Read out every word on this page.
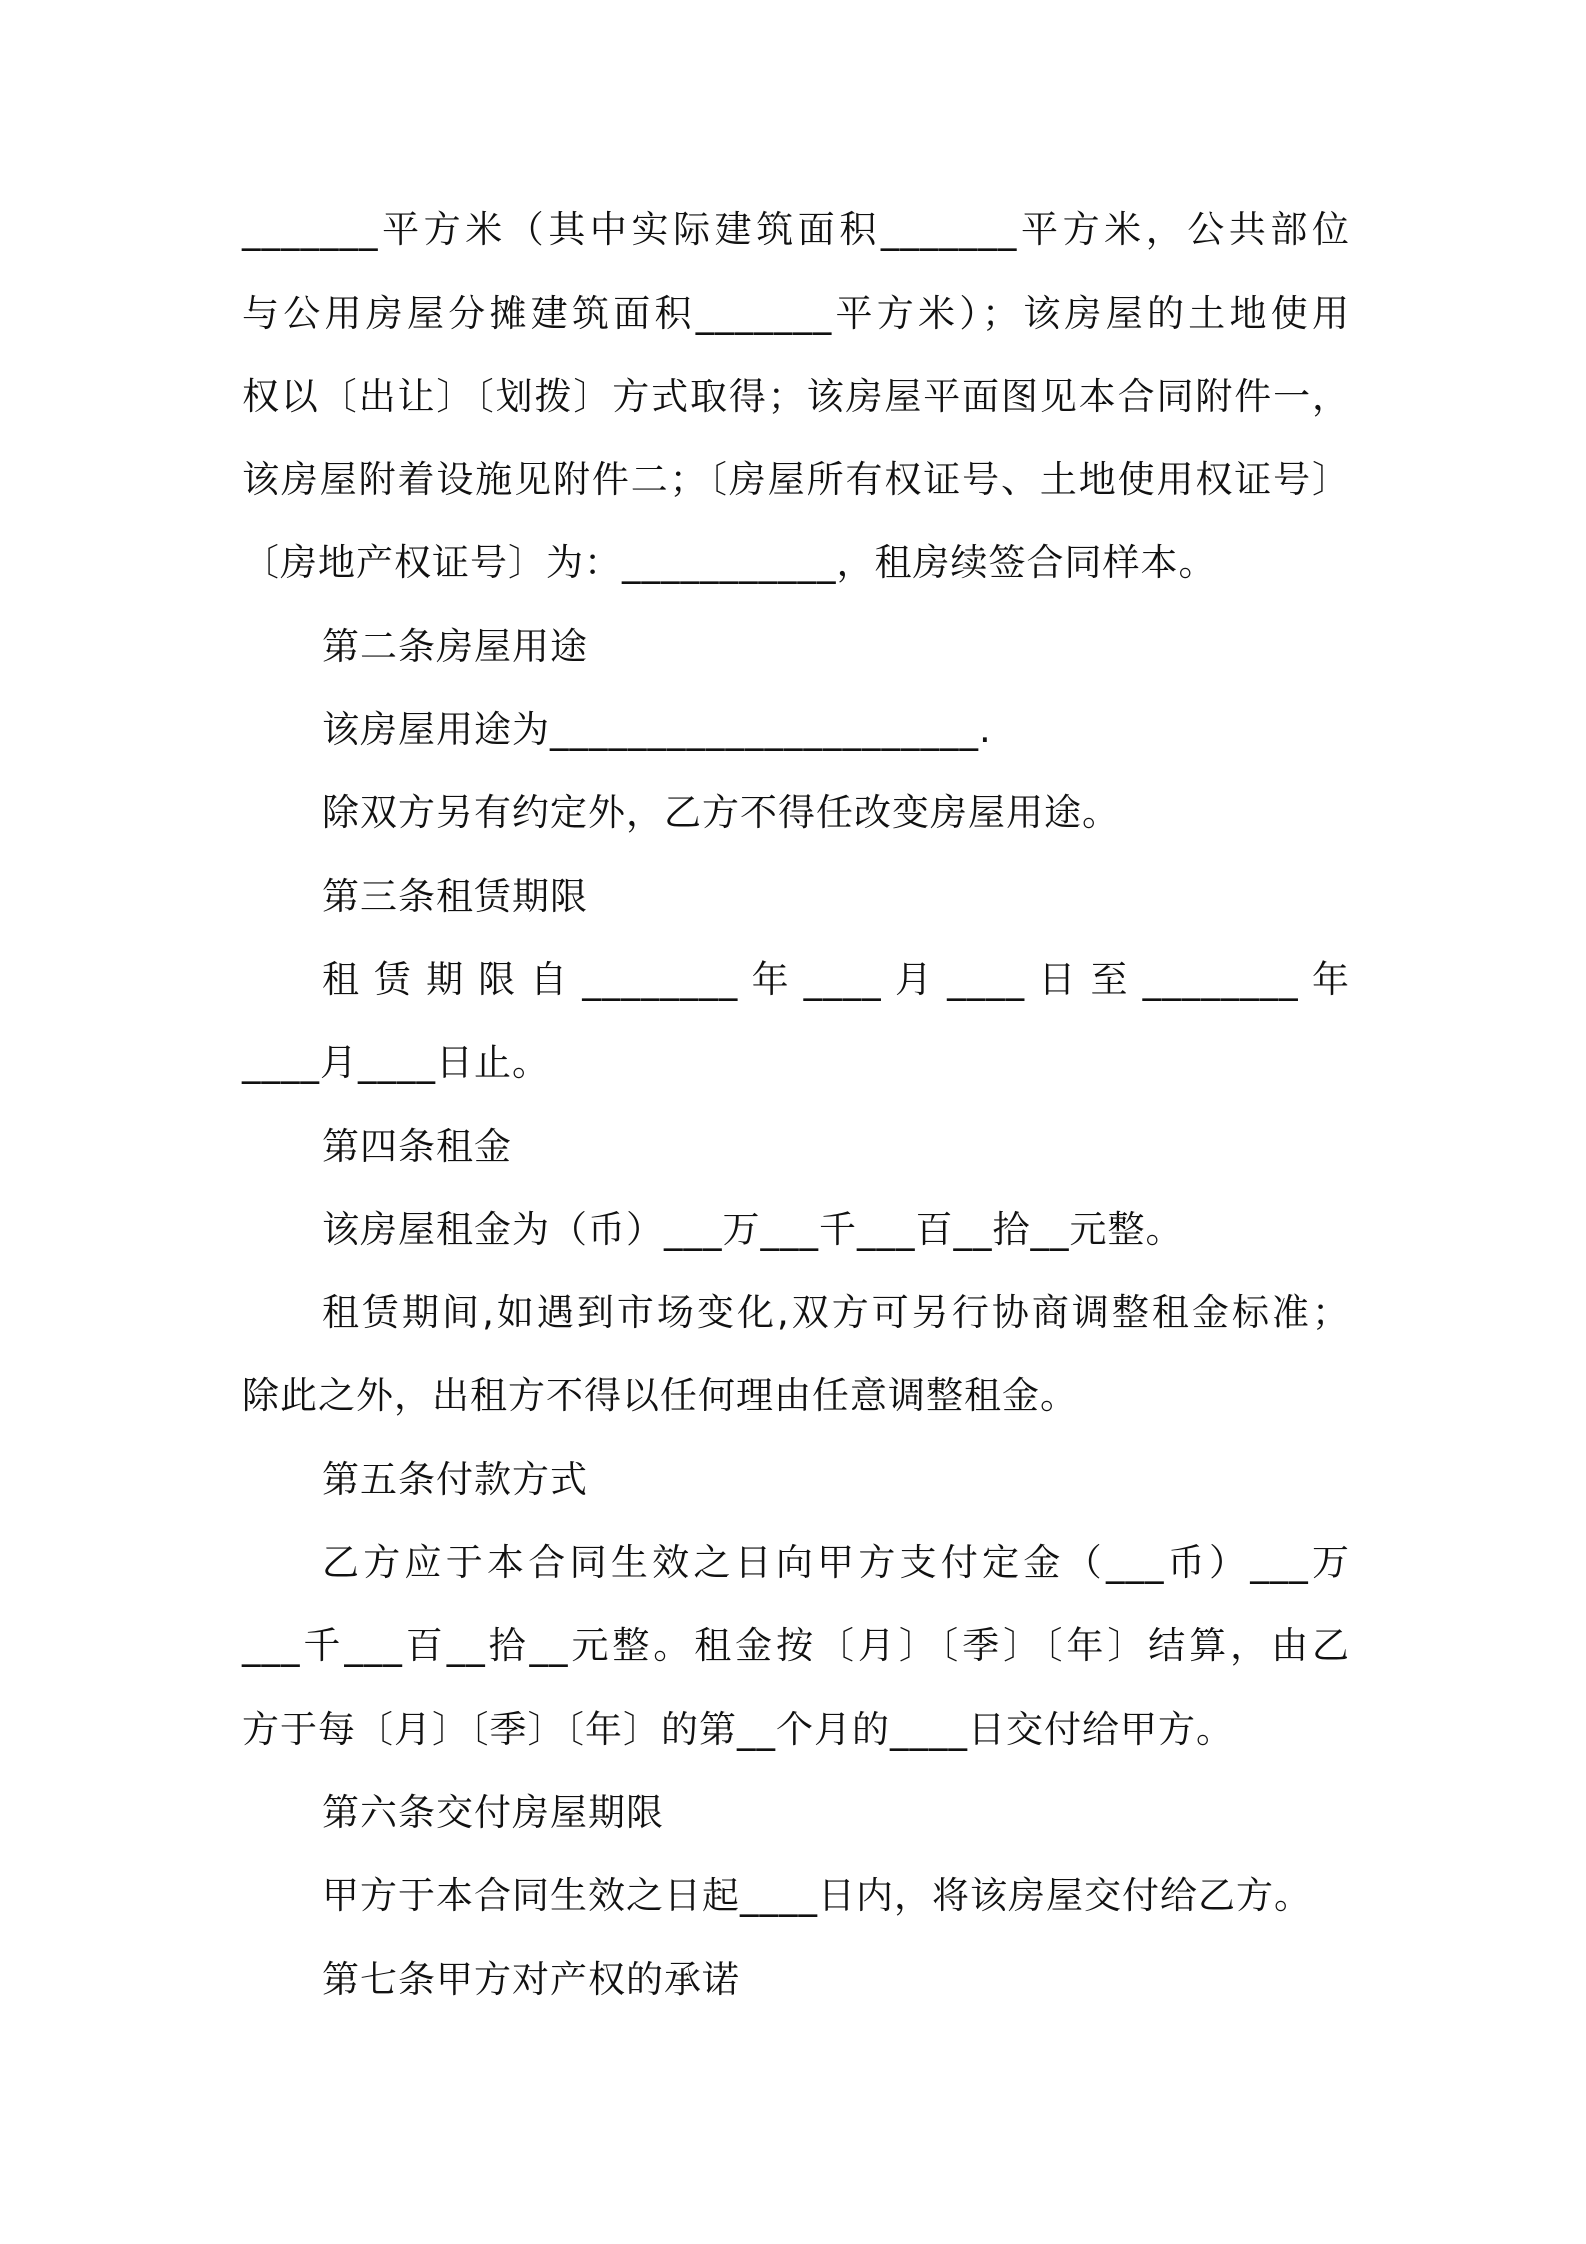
_______平方米（其中实际建筑面积_______平方米，公共部位
与公用房屋分摊建筑面积_______平方米）；该房屋的土地使用
权以〔出让〕〔划拨〕方式取得；该房屋平面图见本合同附件一，
该房屋附着设施见附件二；〔房屋所有权证号、土地使用权证号〕
〔房地产权证号〕为：___________，租房续签合同样本。
第二条房屋用途
该房屋用途为______________________.
除双方另有约定外，乙方不得任改变房屋用途。
第三条租赁期限
租 赁 期 限 自 ________ 年 ____ 月 ____ 日 至 ________ 年
____月____日止。
第四条租金
该房屋租金为（币）___万___千___百__拾__元整。
租赁期间,如遇到市场变化,双方可另行协商调整租金标准；
除此之外，出租方不得以任何理由任意调整租金。
第五条付款方式
乙方应于本合同生效之日向甲方支付定金（___币）___万
___千___百__拾__元整。租金按〔月〕〔季〕〔年〕结算，由乙
方于每〔月〕〔季〕〔年〕的第__个月的____日交付给甲方。
第六条交付房屋期限
甲方于本合同生效之日起____日内，将该房屋交付给乙方。
第七条甲方对产权的承诺
